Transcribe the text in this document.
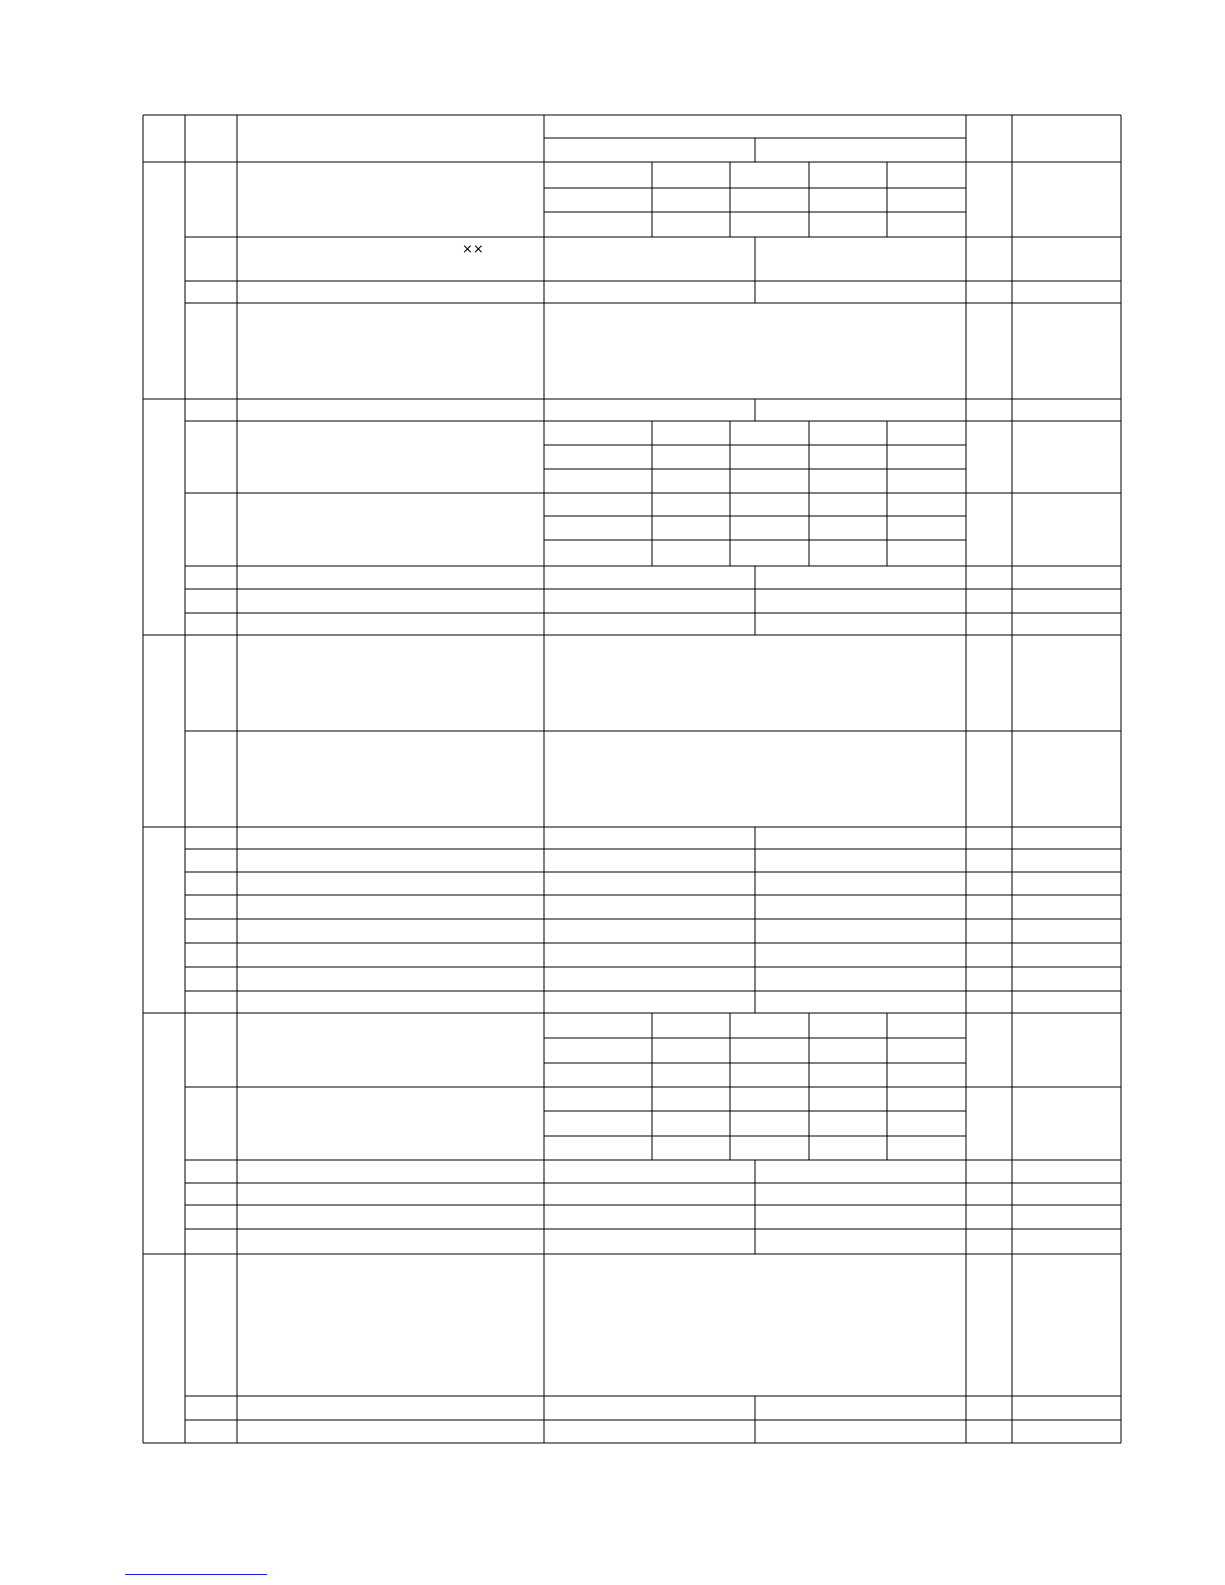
⨯⨯
